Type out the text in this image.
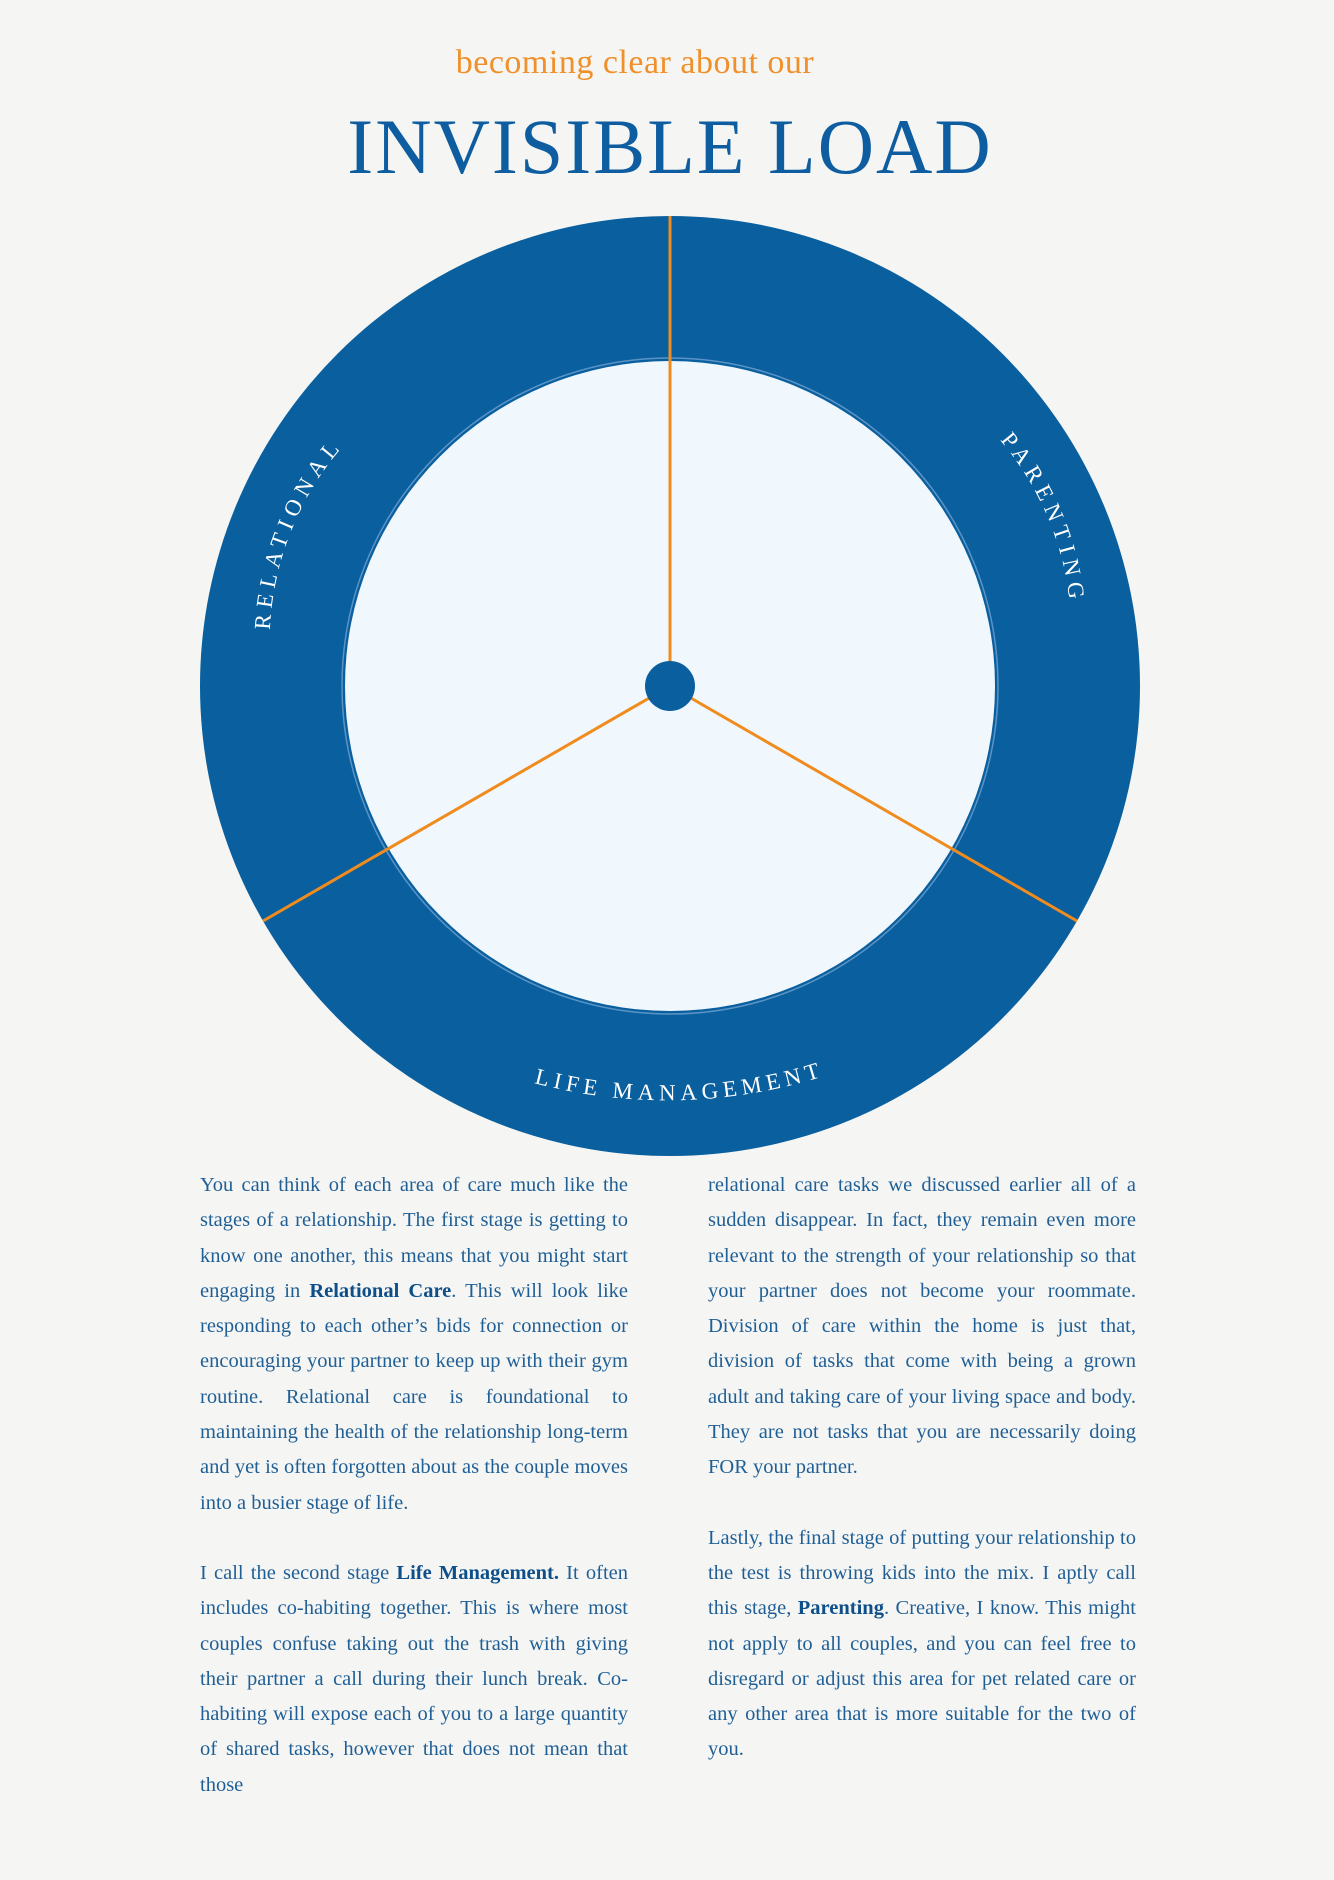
becoming clear about our
INVISIBLE LOAD
RELATIONAL	PARENTING
LIFE MANAGEMENT

You can think of each area of care much like the stages of a relationship. The first stage is getting to know one another, this means that you might start engaging in Relational Care. This will look like responding to each other’s bids for connection or encouraging your partner to keep up with their gym routine. Relational care is foundational to maintaining the health of the relationship long-term and yet is often forgotten about as the couple moves into a busier stage of life.

I call the second stage Life Management. It often includes co-habiting together. This is where most couples confuse taking out the trash with giving their partner a call during their lunch break. Co-habiting will expose each of you to a large quantity of shared tasks, however that does not mean that those

relational care tasks we discussed earlier all of a sudden disappear. In fact, they remain even more relevant to the strength of your relationship so that your partner does not become your roommate. Division of care within the home is just that, division of tasks that come with being a grown adult and taking care of your living space and body. They are not tasks that you are necessarily doing FOR your partner.

Lastly, the final stage of putting your relationship to the test is throwing kids into the mix. I aptly call this stage, Parenting. Creative, I know. This might not apply to all couples, and you can feel free to disregard or adjust this area for pet related care or any other area that is more suitable for the two of you.
